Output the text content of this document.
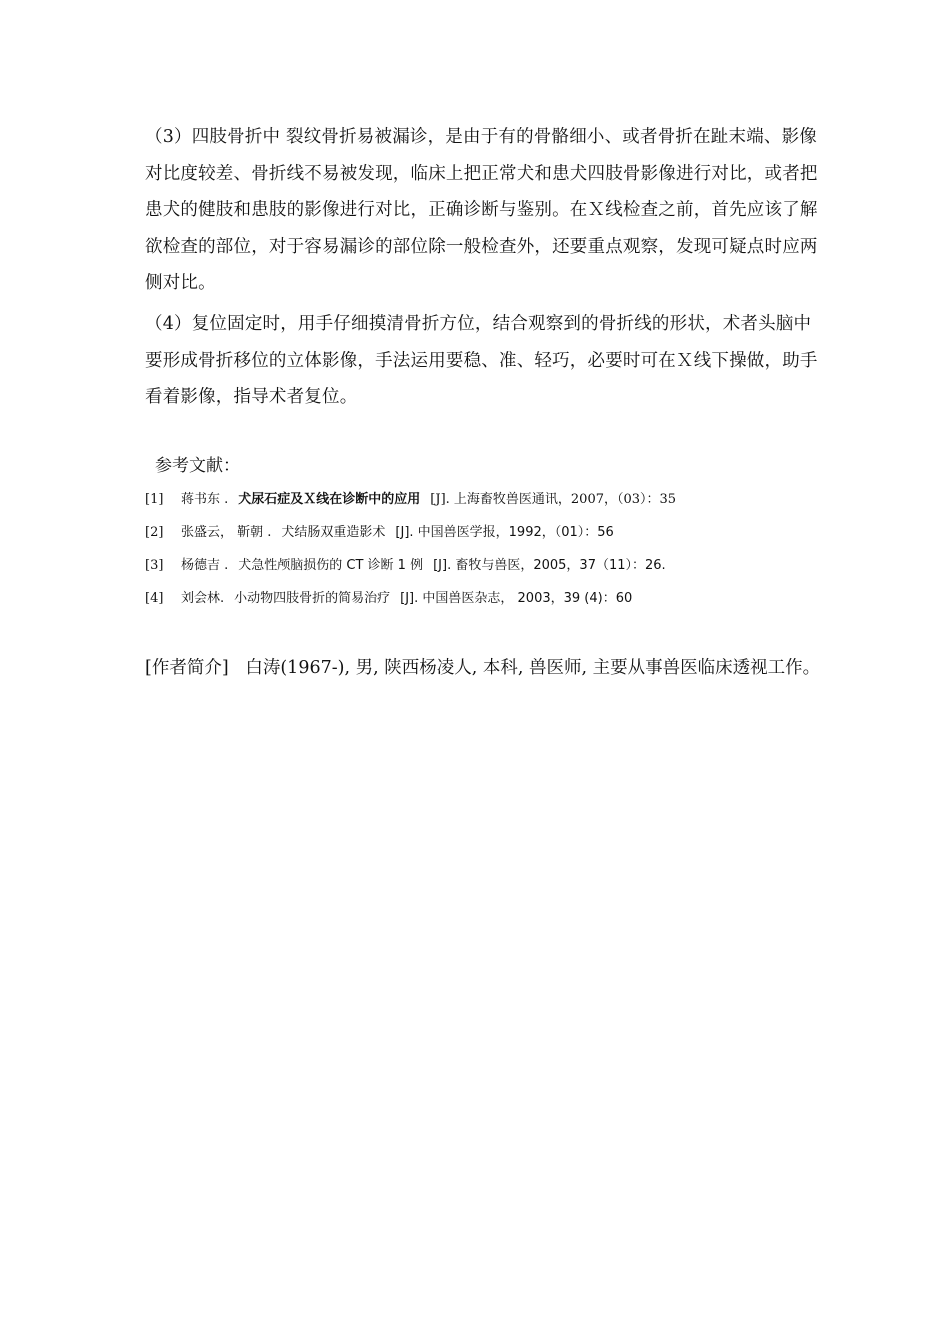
（3）四肢骨折中 裂纹骨折易被漏诊，是由于有的骨骼细小、或者骨折在趾末端、影像对比度较差、骨折线不易被发现，临床上把正常犬和患犬四肢骨影像进行对比，或者把患犬的健肢和患肢的影像进行对比，正确诊断与鉴别。在Ｘ线检查之前，首先应该了解欲检查的部位，对于容易漏诊的部位除一般检查外，还要重点观察，发现可疑点时应两侧对比。

（4）复位固定时，用手仔细摸清骨折方位，结合观察到的骨折线的形状，术者头脑中要形成骨折移位的立体影像，手法运用要稳、准、轻巧，必要时可在Ｘ线下操做，助手看着影像，指导术者复位。

参考文献：

[1] 蒋书东 . 犬尿石症及Ｘ线在诊断中的应用 [J]. 上海畜牧兽医通讯，2007，（03）：35
[2] 张盛云， 靳朝 . 犬结肠双重造影术 [J]. 中国兽医学报，1992，（01）：56
[3] 杨德吉 . 犬急性颅脑损伤的 CT 诊断 1 例 [J]. 畜牧与兽医，2005，37（11）：26.
[4] 刘会林. 小动物四肢骨折的简易治疗 [J]. 中国兽医杂志， 2003，39 (4)：60

[作者简介] 白涛(1967-), 男, 陕西杨凌人, 本科, 兽医师, 主要从事兽医临床透视工作。
